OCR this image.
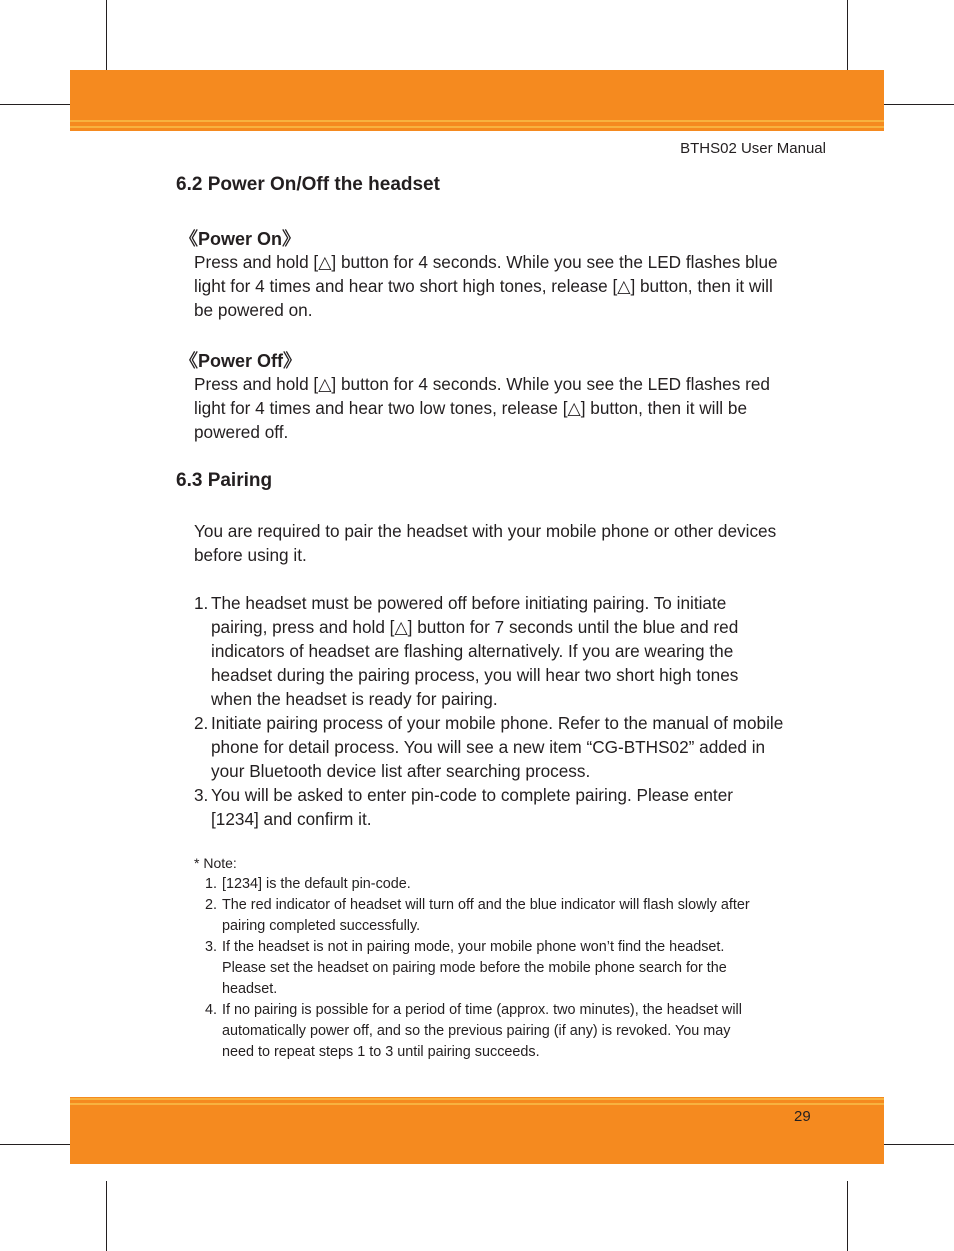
BTHS02 User Manual
6.2 Power On/Off the headset
《Power On》

Press and hold [△] button for 4 seconds. While you see the LED flashes blue light for 4 times and hear two short high tones, release [△] button, then it will be powered on.

《Power Off》

Press and hold [△] button for 4 seconds. While you see the LED flashes red light for 4 times and hear two low tones, release [△] button, then it will be powered off.

6.3 Pairing

You are required to pair the headset with your mobile phone or other devices before using it.

1. The headset must be powered off before initiating pairing. To initiate pairing, press and hold [△] button for 7 seconds until the blue and red indicators of headset are flashing alternatively. If you are wearing the headset during the pairing process, you will hear two short high tones when the headset is ready for pairing.
2. Initiate pairing process of your mobile phone. Refer to the manual of mobile phone for detail process. You will see a new item “CG-BTHS02” added in your Bluetooth device list after searching process.
3. You will be asked to enter pin-code to complete pairing. Please enter [1234] and confirm it.

* Note:

1. [1234] is the default pin-code.
2. The red indicator of headset will turn off and the blue indicator will flash slowly after pairing completed successfully.
3. If the headset is not in pairing mode, your mobile phone won’t find the headset. Please set the headset on pairing mode before the mobile phone search for the headset.
4. If no pairing is possible for a period of time (approx. two minutes), the headset will automatically power off, and so the previous pairing (if any) is revoked. You may need to repeat steps 1 to 3 until pairing succeeds.
29
